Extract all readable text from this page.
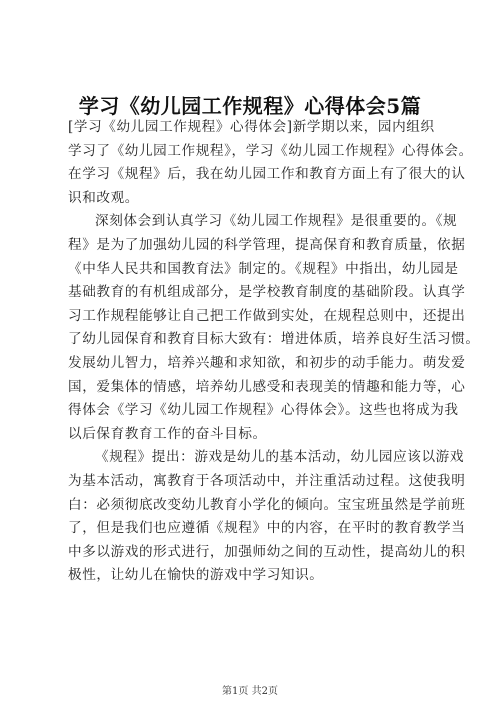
学习《幼儿园工作规程》心得体会5篇
[学习《幼儿园工作规程》心得体会]新学期以来，园内组织
学习了《幼儿园工作规程》，学习《幼儿园工作规程》心得体会。
在学习《规程》后，我在幼儿园工作和教育方面上有了很大的认
识和改观。
深刻体会到认真学习《幼儿园工作规程》是很重要的。《规
程》是为了加强幼儿园的科学管理，提高保育和教育质量，依据
《中华人民共和国教育法》制定的。《规程》中指出，幼儿园是
基础教育的有机组成部分，是学校教育制度的基础阶段。认真学
习工作规程能够让自己把工作做到实处，在规程总则中，还提出
了幼儿园保育和教育目标大致有：增进体质，培养良好生活习惯。
发展幼儿智力，培养兴趣和求知欲，和初步的动手能力。萌发爱
国，爱集体的情感，培养幼儿感受和表现美的情趣和能力等，心
得体会《学习《幼儿园工作规程》心得体会》。这些也将成为我
以后保育教育工作的奋斗目标。
《规程》提出：游戏是幼儿的基本活动，幼儿园应该以游戏
为基本活动，寓教育于各项活动中，并注重活动过程。这使我明
白：必须彻底改变幼儿教育小学化的倾向。宝宝班虽然是学前班
了，但是我们也应遵循《规程》中的内容，在平时的教育教学当
中多以游戏的形式进行，加强师幼之间的互动性，提高幼儿的积
极性，让幼儿在愉快的游戏中学习知识。
第1页 共2页
